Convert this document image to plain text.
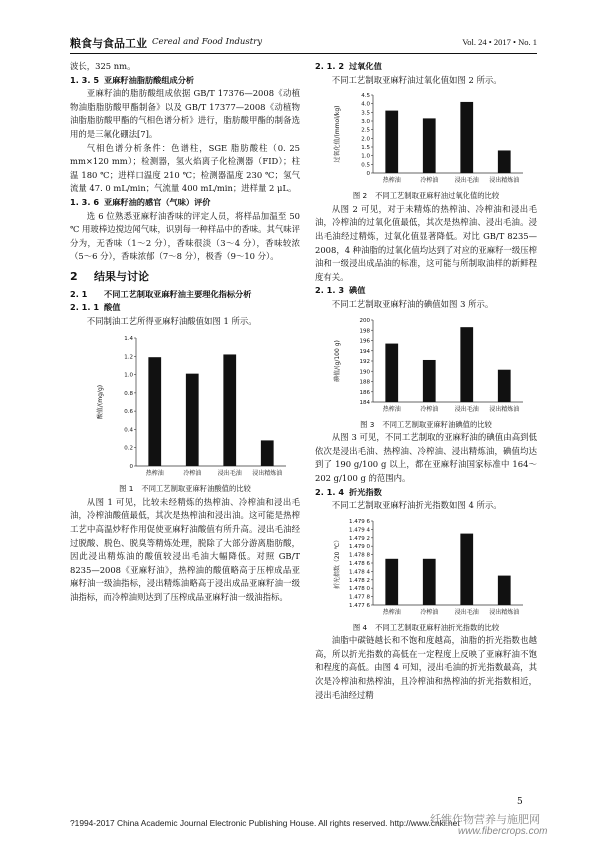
粮食与食品工业 Cereal and Food Industry	Vol. 24 • 2017 • No. 1

波长，325 nm。

1. 3. 5 亚麻籽油脂肪酸组成分析

亚麻籽油的脂肪酸组成依据 GB/T 17376—2008《动植物油脂脂肪酸甲酯制备》以及 GB/T 17377—2008《动植物油脂脂肪酸甲酯的气相色谱分析》进行，脂肪酸甲酯的制备选用的是三氟化硼法[7]。

气相色谱分析条件：色谱柱，SGE 脂肪酸柱（0. 25 mm×120 mm）；检测器，氢火焰离子化检测器（FID）；柱温 180 ℃；进样口温度 210 ℃；检测器温度 230 ℃；氢气流量 47. 0 mL/min；气流量 400 mL/min；进样量 2 μL。

1. 3. 6 亚麻籽油的感官（气味）评价

选 6 位熟悉亚麻籽油香味的评定人员，将样品加温至 50 ℃ 用玻棒边搅边闻气味，识别每一种样品中的香味。其气味评分为，无香味（1～2 分），香味很淡（3～4 分），香味较浓（5～6 分），香味浓郁（7～8 分），极香（9～10 分）。

2 结果与讨论

2. 1 不同工艺制取亚麻籽油主要理化指标分析

2. 1. 1 酸值

不同制油工艺所得亚麻籽油酸值如图 1 所示。

0
0.2
0.4
0.6
0.8
1.0
1.2
1.4
酸值/(mg/g)
热榨油	冷榨油	浸出毛油 浸出精炼油

图 1 不同工艺制取亚麻籽油酸值的比较

从图 1 可见，比较未经精炼的热榨油、冷榨油和浸出毛油，冷榨油酸值最低，其次是热榨油和浸出油。这可能是热榨工艺中高温炒籽作用促使亚麻籽油酸值有所升高。浸出毛油经过脱酸、脱色、脱臭等精炼处理，脱除了大部分游离脂肪酸，因此浸出精炼油的酸值较浸出毛油大幅降低。对照 GB/T 8235—2008《亚麻籽油》，热榨油的酸值略高于压榨成品亚麻籽油一级油指标，浸出精炼油略高于浸出成品亚麻籽油一级油指标，而冷榨油则达到了压榨成品亚麻籽油一级油指标。

2. 1. 2 过氧化值

不同工艺制取亚麻籽油过氧化值如图 2 所示。

0
0.5
1.0
1.5
2.0
2.5
3.0
3.5
4.0
4.5
过氧化值/(mmol/kg)
热榨油	冷榨油	浸出毛油 浸出精炼油

图 2 不同工艺制取亚麻籽油过氧化值的比较

从图 2 可见，对于未精炼的热榨油、冷榨油和浸出毛油，冷榨油的过氧化值最低，其次是热榨油、浸出毛油。浸出毛油经过精炼，过氧化值显著降低。对比 GB/T 8235—2008，4 种油脂的过氧化值均达到了对应的亚麻籽一级压榨油和一级浸出成品油的标准，这可能与所制取油样的新鲜程度有关。

2. 1. 3 碘值

不同工艺制取亚麻籽油的碘值如图 3 所示。

184
186
188
190
192
194
196
198
200
碘值/(g/100 g)
热榨油	冷榨油	浸出毛油 浸出精炼油

图 3 不同工艺制取亚麻籽油碘值的比较

从图 3 可见，不同工艺制取的亚麻籽油的碘值由高到低依次是浸出毛油、热榨油、冷榨油、浸出精炼油，碘值均达到了 190 g/100 g 以上，都在亚麻籽油国家标准中 164～202 g/100 g 的范围内。

2. 1. 4 折光指数

不同工艺制取亚麻籽油折光指数如图 4 所示。

1.477 6
1.477 8
1.478 0
1.478 2
1.478 4
1.478 6
1.478 8
1.479 0
1.479 2
1.479 4
1.479 6
折光指数（20 ℃）
热榨油	冷榨油	浸出毛油 浸出精炼油

图 4 不同工艺制取亚麻籽油折光指数的比较

油脂中碳链越长和不饱和度越高，油脂的折光指数也越高，所以折光指数的高低在一定程度上反映了亚麻籽油不饱和程度的高低。由图 4 可知，浸出毛油的折光指数最高，其次是冷榨油和热榨油，且冷榨油和热榨油的折光指数相近，浸出毛油经过精

5
?1994-2017 China Academic Journal Electronic Publishing House. All rights reserved. http://www.cnki.net
纤维作物营养与施肥网
www.fibercrops.com
